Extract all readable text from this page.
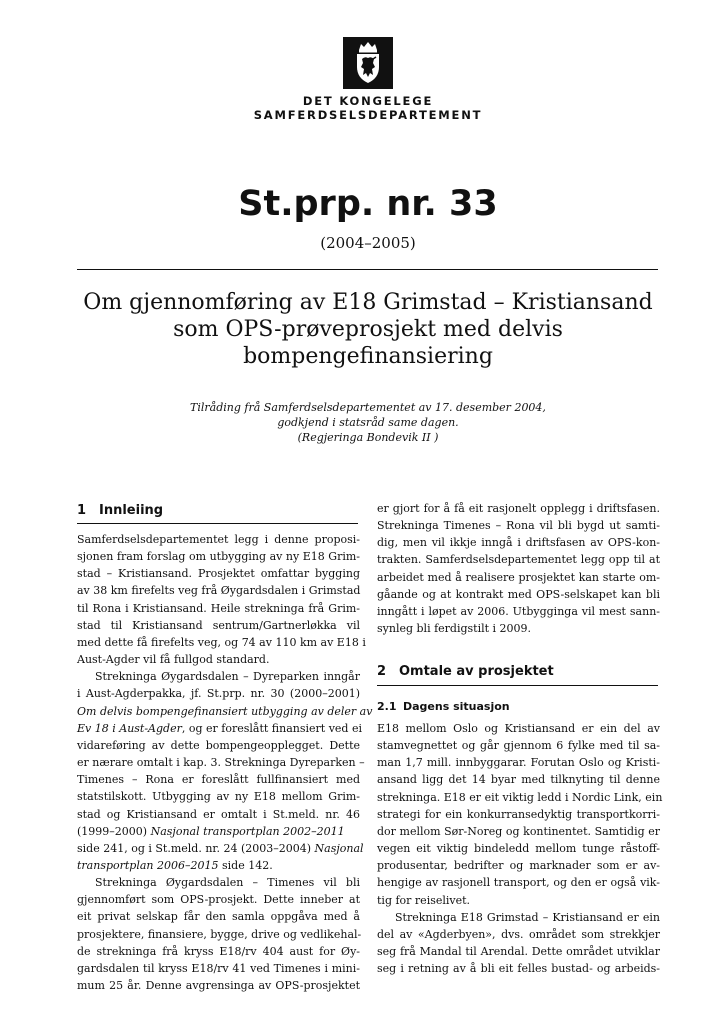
DET KONGELEGE
SAMFERDSELSDEPARTEMENT
St.prp. nr. 33
(2004–2005)
Om gjennomføring av E18 Grimstad – Kristiansand
som OPS-prøveprosjekt med delvis
bompengefinansiering
Tilråding frå Samferdselsdepartementet av 17. desember 2004,
godkjend i statsråd same dagen.
(Regjeringa Bondevik II )
1 Innleiing
Samferdselsdepartementet legg i denne proposi-
sjonen fram forslag om utbygging av ny E18 Grim-
stad – Kristiansand. Prosjektet omfattar bygging
av 38 km firefelts veg frå Øygardsdalen i Grimstad
til Rona i Kristiansand. Heile strekninga frå Grim-
stad til Kristiansand sentrum/Gartnerløkka vil
med dette få firefelts veg, og 74 av 110 km av E18 i
Aust-Agder vil få fullgod standard.
Strekninga Øygardsdalen – Dyreparken inngår
i Aust-Agderpakka, jf. St.prp. nr. 30 (2000–2001)
Om delvis bompengefinansiert utbygging av deler av
Ev 18 i Aust-Agder, og er foreslått finansiert ved ei
vidareføring av dette bompengeopplegget. Dette
er nærare omtalt i kap. 3. Strekninga Dyreparken –
Timenes – Rona er foreslått fullfinansiert med
statstilskott. Utbygging av ny E18 mellom Grim-
stad og Kristiansand er omtalt i St.meld. nr. 46
(1999–2000) Nasjonal transportplan 2002–2011
side 241, og i St.meld. nr. 24 (2003–2004) Nasjonal
transportplan 2006–2015 side 142.
Strekninga Øygardsdalen – Timenes vil bli
gjennomført som OPS-prosjekt. Dette inneber at
eit privat selskap får den samla oppgåva med å
prosjektere, finansiere, bygge, drive og vedlikehal-
de strekninga frå kryss E18/rv 404 aust for Øy-
gardsdalen til kryss E18/rv 41 ved Timenes i mini-
mum 25 år. Denne avgrensinga av OPS-prosjektet
er gjort for å få eit rasjonelt opplegg i driftsfasen.
Strekninga Timenes – Rona vil bli bygd ut samti-
dig, men vil ikkje inngå i driftsfasen av OPS-kon-
trakten. Samferdselsdepartementet legg opp til at
arbeidet med å realisere prosjektet kan starte om-
gåande og at kontrakt med OPS-selskapet kan bli
inngått i løpet av 2006. Utbygginga vil mest sann-
synleg bli ferdigstilt i 2009.
2 Omtale av prosjektet
2.1 Dagens situasjon
E18 mellom Oslo og Kristiansand er ein del av
stamvegnettet og går gjennom 6 fylke med til sa-
man 1,7 mill. innbyggarar. Forutan Oslo og Kristi-
ansand ligg det 14 byar med tilknyting til denne
strekninga. E18 er eit viktig ledd i Nordic Link, ein
strategi for ein konkurransedyktig transportkorri-
dor mellom Sør-Noreg og kontinentet. Samtidig er
vegen eit viktig bindeledd mellom tunge råstoff-
produsentar, bedrifter og marknader som er av-
hengige av rasjonell transport, og den er også vik-
tig for reiselivet.
Strekninga E18 Grimstad – Kristiansand er ein
del av «Agderbyen», dvs. området som strekkjer
seg frå Mandal til Arendal. Dette området utviklar
seg i retning av å bli eit felles bustad- og arbeids-
